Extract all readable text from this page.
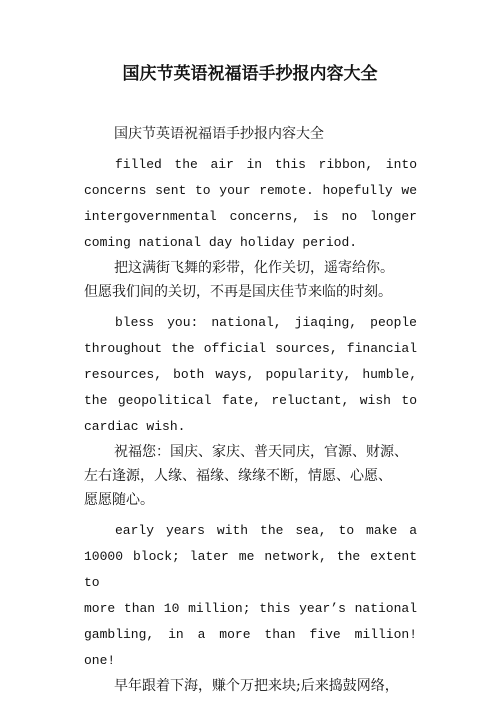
国庆节英语祝福语手抄报内容大全

国庆节英语祝福语手抄报内容大全

filled the air in this ribbon, into
concerns sent to your remote. hopefully we
intergovernmental concerns, is no longer
coming national day holiday period.
把这满街飞舞的彩带，化作关切，遥寄给你。
但愿我们间的关切，不再是国庆佳节来临的时刻。
bless you: national, jiaqing, people
throughout the official sources, financial
resources, both ways, popularity, humble,
the geopolitical fate, reluctant, wish to
cardiac wish.
祝福您：国庆、家庆、普天同庆，官源、财源、
左右逢源，人缘、福缘、缘缘不断，情愿、心愿、
愿愿随心。
early years with the sea, to make a
10000 block; later me network, the extent to
more than 10 million; this year’s national
gambling, in a more than five million! one!
早年跟着下海，赚个万把来块;后来捣鼓网络，
